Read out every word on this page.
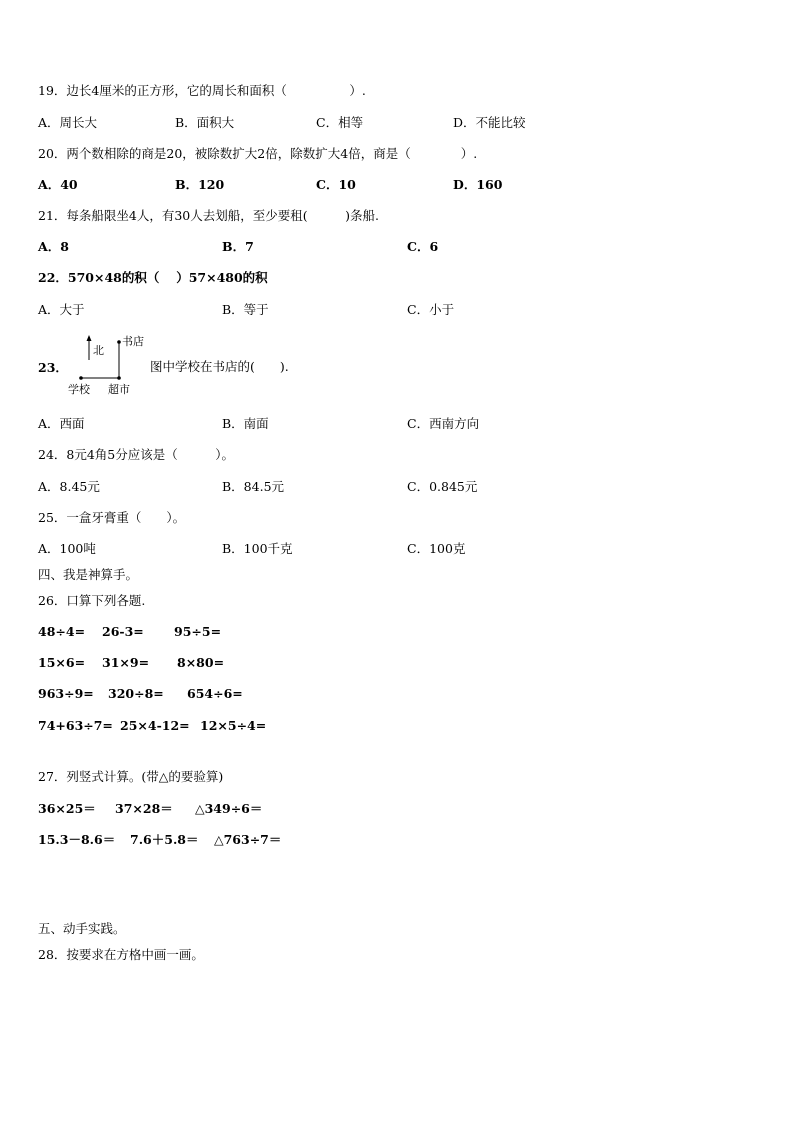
19．边长4厘米的正方形，它的周长和面积（　　　　　）.
A．周长大	B．面积大	C．相等	D．不能比较
20．两个数相除的商是20，被除数扩大2倍，除数扩大4倍，商是（　　　　）.
A．40	B．120	C．10	D．160
21．每条船限坐4人，有30人去划船，至少要租(　　　)条船.
A．8	B．7	C．6
22．570×48的积（　 ）57×480的积
A．大于	B．等于	C．小于
23．
北
书店
学校 超市
图中学校在书店的(　　).
A．西面	B．南面	C．西南方向
24．8元4角5分应该是（　　　）。
A．8.45元	B．84.5元	C．0.845元
25．一盒牙膏重（　　）。
A．100吨	B．100千克	C．100克
四、我是神算手。
26．口算下列各题.
48÷4= 26-3= 95÷5=
15×6= 31×9= 8×80=
963÷9= 320÷8= 654÷6=
74+63÷7= 25×4-12= 12×5÷4=
27．列竖式计算。(带△的要验算)
36×25＝ 37×28＝ △349÷6＝
15.3－8.6＝ 7.6＋5.8＝ △763÷7＝
五、动手实践。
28．按要求在方格中画一画。
